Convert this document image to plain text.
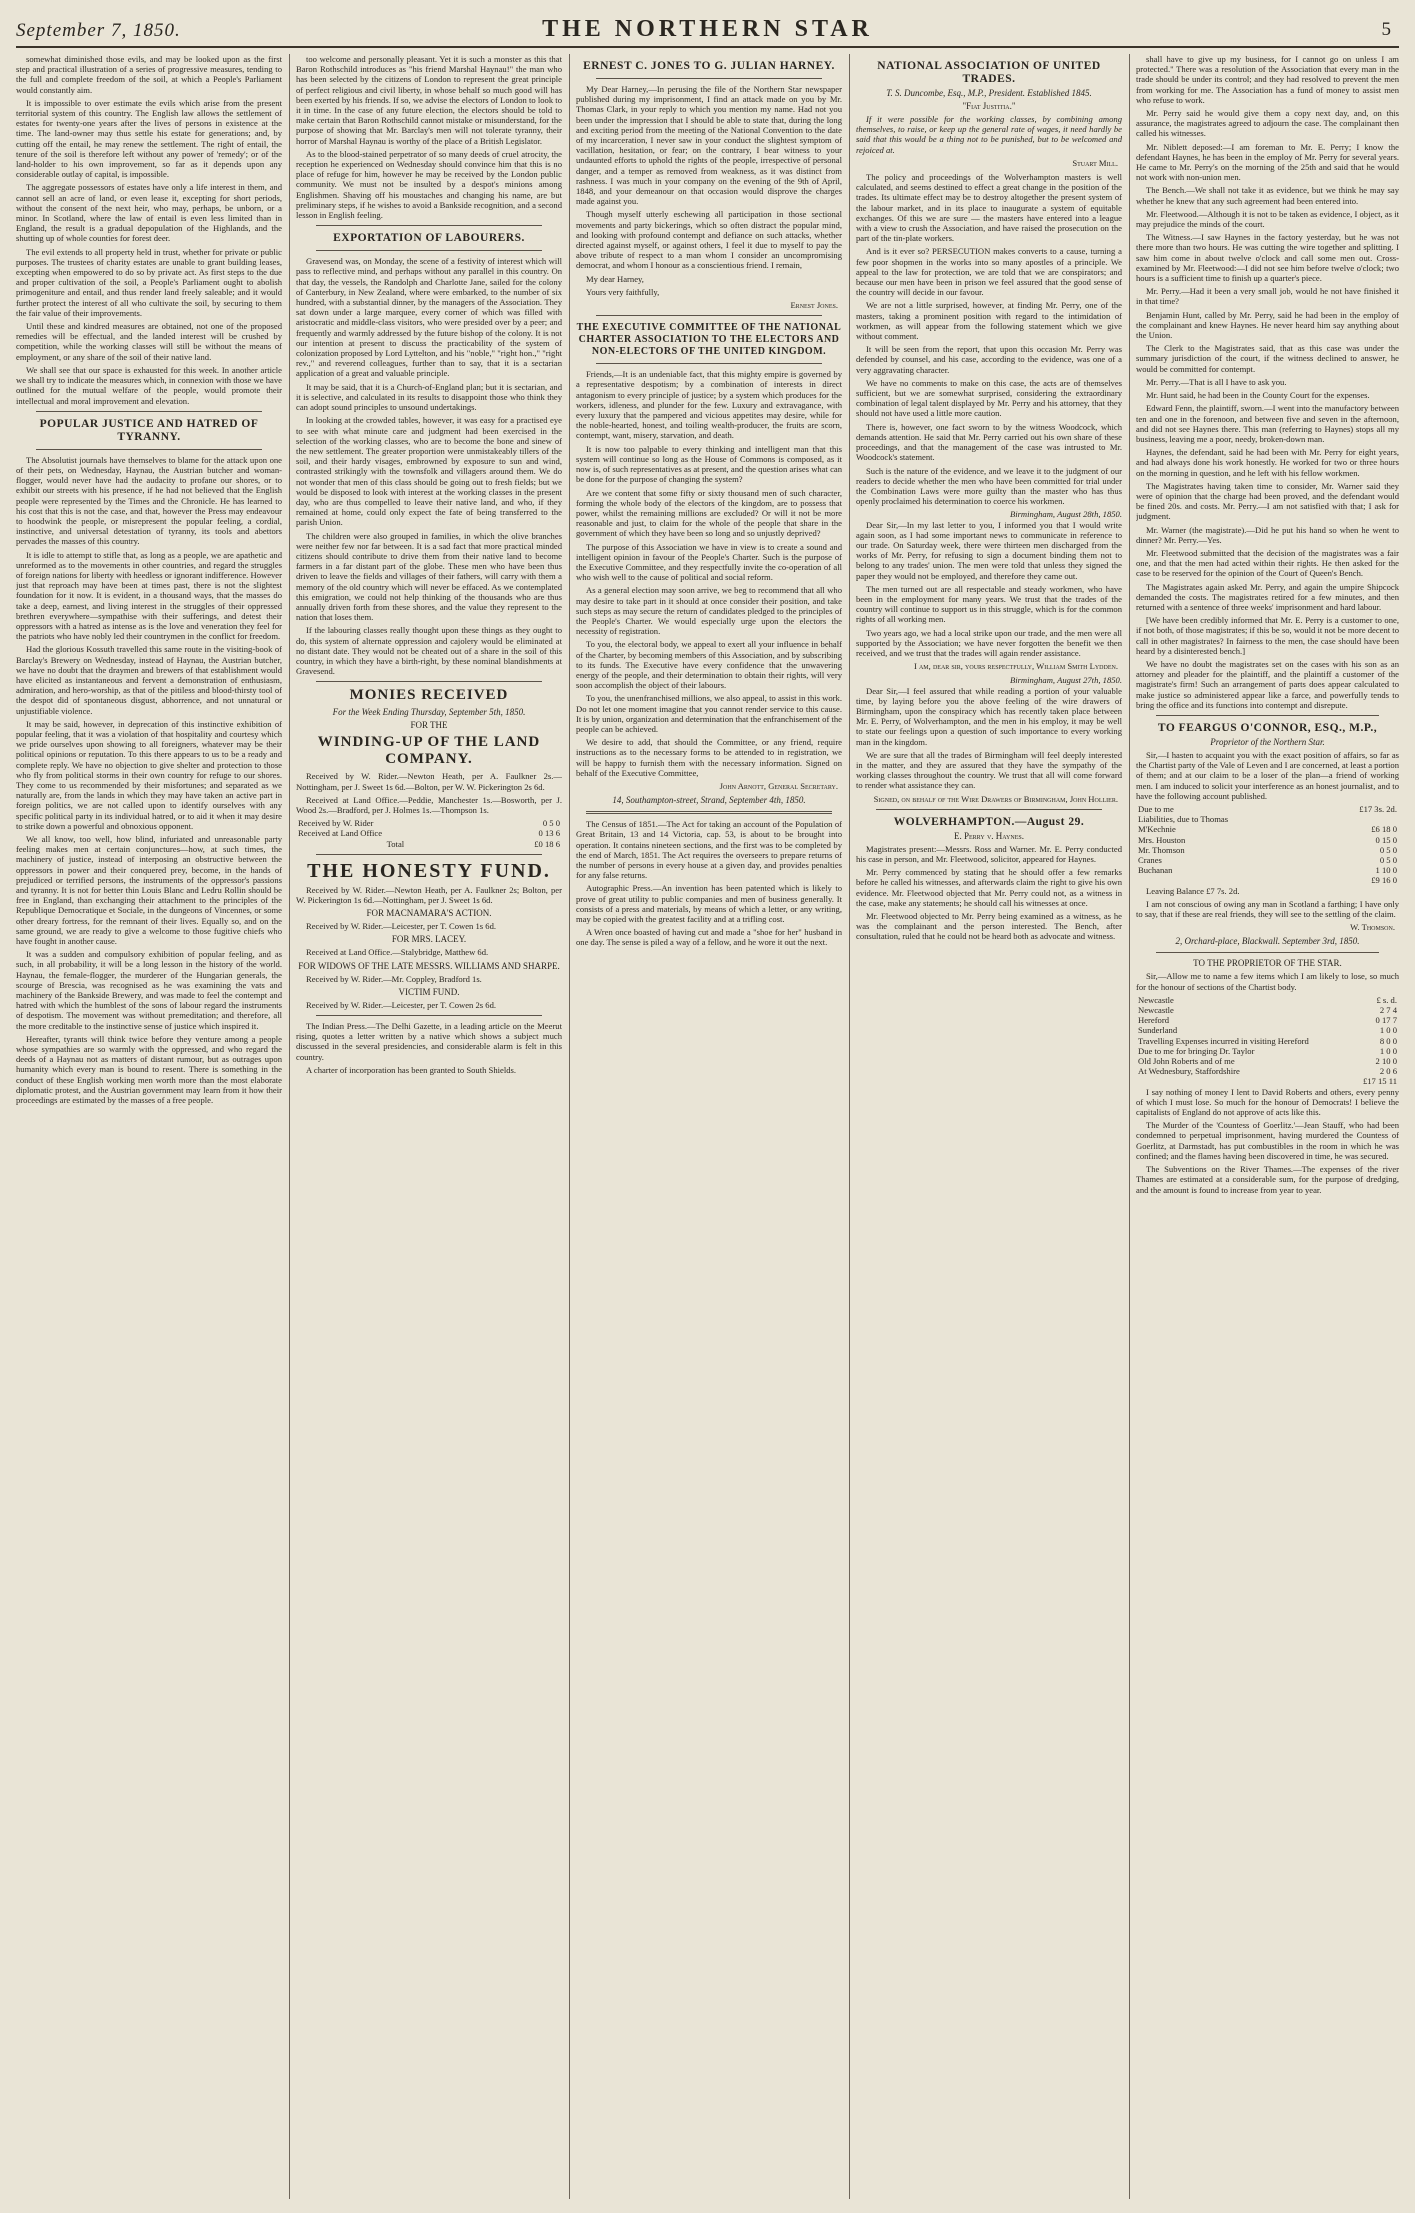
September 7, 1850.	THE NORTHERN STAR	5

somewhat diminished those evils, and may be looked upon as the first step and practical illustration of a series of progressive measures, tending to the full and complete freedom of the soil, at which a People's Parliament would constantly aim.

It is impossible to over estimate the evils which arise from the present territorial system of this country. The English law allows the settlement of estates for twenty-one years after the lives of persons in existence at the time. The land-owner may thus settle his estate for generations; and, by cutting off the entail, he may renew the settlement. The right of entail, the tenure of the soil is therefore left without any power of 'remedy'; or of the land-holder to his own improvement, so far as it depends upon any considerable outlay of capital, is impossible.

The aggregate possessors of estates have only a life interest in them, and cannot sell an acre of land, or even lease it, excepting for short periods, without the consent of the next heir, who may, perhaps, be unborn, or a minor. In Scotland, where the law of entail is even less limited than in England, the result is a gradual depopulation of the Highlands, and the shutting up of whole counties for forest deer.

The evil extends to all property held in trust, whether for private or public purposes. The trustees of charity estates are unable to grant building leases, excepting when empowered to do so by private act. As first steps to the due and proper cultivation of the soil, a People's Parliament ought to abolish primogeniture and entail, and thus render land freely saleable; and it would further protect the interest of all who cultivate the soil, by securing to them the fair value of their improvements.

Until these and kindred measures are obtained, not one of the proposed remedies will be effectual, and the landed interest will be crushed by competition, while the working classes will still be without the means of employment, or any share of the soil of their native land.

We shall see that our space is exhausted for this week. In another article we shall try to indicate the measures which, in connexion with those we have outlined for the mutual welfare of the people, would promote their intellectual and moral improvement and elevation.

POPULAR JUSTICE AND HATRED OF TYRANNY.

The Absolutist journals have themselves to blame for the attack upon one of their pets, on Wednesday, Haynau, the Austrian butcher and woman-flogger, would never have had the audacity to profane our shores, or to exhibit our streets with his presence, if he had not believed that the English people were represented by the Times and the Chronicle. He has learned to his cost that this is not the case, and that, however the Press may endeavour to hoodwink the people, or misrepresent the popular feeling, a cordial, instinctive, and universal detestation of tyranny, its tools and abettors pervades the masses of this country.

It is idle to attempt to stifle that, as long as a people, we are apathetic and unreformed as to the movements in other countries, and regard the struggles of foreign nations for liberty with heedless or ignorant indifference. However just that reproach may have been at times past, there is not the slightest foundation for it now. It is evident, in a thousand ways, that the masses do take a deep, earnest, and living interest in the struggles of their oppressed brethren everywhere—sympathise with their sufferings, and detest their oppressors with a hatred as intense as is the love and veneration they feel for the patriots who have nobly led their countrymen in the conflict for freedom.

Had the glorious Kossuth travelled this same route in the visiting-book of Barclay's Brewery on Wednesday, instead of Haynau, the Austrian butcher, we have no doubt that the draymen and brewers of that establishment would have elicited as instantaneous and fervent a demonstration of enthusiasm, admiration, and hero-worship, as that of the pitiless and blood-thirsty tool of the despot did of spontaneous disgust, abhorrence, and not unnatural or unjustifiable violence.

It may be said, however, in deprecation of this instinctive exhibition of popular feeling, that it was a violation of that hospitality and courtesy which we pride ourselves upon showing to all foreigners, whatever may be their political opinions or reputation. To this there appears to us to be a ready and complete reply. We have no objection to give shelter and protection to those who fly from political storms in their own country for refuge to our shores. They come to us recommended by their misfortunes; and separated as we naturally are, from the lands in which they may have taken an active part in foreign politics, we are not called upon to identify ourselves with any specific political party in its individual hatred, or to aid it when it may desire to strike down a powerful and obnoxious opponent.

We all know, too well, how blind, infuriated and unreasonable party feeling makes men at certain conjunctures—how, at such times, the machinery of justice, instead of interposing an obstructive between the oppressors in power and their conquered prey, become, in the hands of prejudiced or terrified persons, the instruments of the oppressor's passions and tyranny. It is not for better thin Louis Blanc and Ledru Rollin should be free in England, than exchanging their attachment to the principles of the Republique Democratique et Sociale, in the dungeons of Vincennes, or some other dreary fortress, for the remnant of their lives. Equally so, and on the same ground, we are ready to give a welcome to those fugitive chiefs who have fought in another cause.

It was a sudden and compulsory exhibition of popular feeling, and as such, in all probability, it will be a long lesson in the history of the world. Haynau, the female-flogger, the murderer of the Hungarian generals, the scourge of Brescia, was recognised as he was examining the vats and machinery of the Bankside Brewery, and was made to feel the contempt and hatred with which the humblest of the sons of labour regard the instruments of despotism. The movement was without premeditation; and therefore, all the more creditable to the instinctive sense of justice which inspired it.

Hereafter, tyrants will think twice before they venture among a people whose sympathies are so warmly with the oppressed, and who regard the deeds of a Haynau not as matters of distant rumour, but as outrages upon humanity which every man is bound to resent. There is something in the conduct of these English working men worth more than the most elaborate diplomatic protest, and the Austrian government may learn from it how their proceedings are estimated by the masses of a free people.

too welcome and personally pleasant. Yet it is such a monster as this that Baron Rothschild introduces as "his friend Marshal Haynau!" the man who has been selected by the citizens of London to represent the great principle of perfect religious and civil liberty, in whose behalf so much good will has been exerted by his friends. If so, we advise the electors of London to look to it in time. In the case of any future election, the electors should be told to make certain that Baron Rothschild cannot mistake or misunderstand, for the purpose of showing that Mr. Barclay's men will not tolerate tyranny, their horror of Marshal Haynau is worthy of the place of a British Legislator.

As to the blood-stained perpetrator of so many deeds of cruel atrocity, the reception he experienced on Wednesday should convince him that this is no place of refuge for him, however he may be received by the London public community. We must not be insulted by a despot's minions among Englishmen. Shaving off his moustaches and changing his name, are but preliminary steps, if he wishes to avoid a Bankside recognition, and a second lesson in English feeling.

EXPORTATION OF LABOURERS.

Gravesend was, on Monday, the scene of a festivity of interest which will pass to reflective mind, and perhaps without any parallel in this country. On that day, the vessels, the Randolph and Charlotte Jane, sailed for the colony of Canterbury, in New Zealand, where were embarked, to the number of six hundred, with a substantial dinner, by the managers of the Association. They sat down under a large marquee, every corner of which was filled with aristocratic and middle-class visitors, who were presided over by a peer; and frequently and warmly addressed by the future bishop of the colony. It is not our intention at present to discuss the practicability of the system of colonization proposed by Lord Lyttelton, and his "noble," "right hon.," "right rev.," and reverend colleagues, further than to say, that it is a sectarian application of a great and valuable principle.

It may be said, that it is a Church-of-England plan; but it is sectarian, and it is selective, and calculated in its results to disappoint those who think they can adopt sound principles to unsound undertakings.

In looking at the crowded tables, however, it was easy for a practised eye to see with what minute care and judgment had been exercised in the selection of the working classes, who are to become the bone and sinew of the new settlement. The greater proportion were unmistakeably tillers of the soil, and their hardy visages, embrowned by exposure to sun and wind, contrasted strikingly with the townsfolk and villagers around them. We do not wonder that men of this class should be going out to fresh fields; but we would be disposed to look with interest at the working classes in the present day, who are thus compelled to leave their native land, and who, if they remained at home, could only expect the fate of being transferred to the parish Union.

The children were also grouped in families, in which the olive branches were neither few nor far between. It is a sad fact that more practical minded citizens should contribute to drive them from their native land to become farmers in a far distant part of the globe. These men who have been thus driven to leave the fields and villages of their fathers, will carry with them a memory of the old country which will never be effaced. As we contemplated this emigration, we could not help thinking of the thousands who are thus annually driven forth from these shores, and the value they represent to the nation that loses them.

If the labouring classes really thought upon these things as they ought to do, this system of alternate oppression and cajolery would be eliminated at no distant date. They would not be cheated out of a share in the soil of this country, in which they have a birth-right, by these nominal blandishments at Gravesend.

MONIES RECEIVED
For the Week Ending Thursday, September 5th, 1850.
FOR THE
WINDING-UP OF THE LAND COMPANY.

Received by W. Rider.—Newton Heath, per A. Faulkner 2s.—Nottingham, per J. Sweet 1s 6d.—Bolton, per W. W. Pickerington 2s 6d.

Received at Land Office.—Peddie, Manchester 1s.—Bosworth, per J. Wood 2s.—Bradford, per J. Holmes 1s.—Thompson 1s.

Received by W. Rider	0 5 0
Received at Land Office	0 13 6
Total	£0 18 6
THE HONESTY FUND.

Received by W. Rider.—Newton Heath, per A. Faulkner 2s; Bolton, per W. Pickerington 1s 6d.—Nottingham, per J. Sweet 1s 6d.

FOR MACNAMARA'S ACTION.

Received by W. Rider.—Leicester, per T. Cowen 1s 6d.

FOR MRS. LACEY.

Received at Land Office.—Stalybridge, Matthew 6d.

FOR WIDOWS OF THE LATE MESSRS. WILLIAMS AND SHARPE.

Received by W. Rider.—Mr. Coppley, Bradford 1s.

VICTIM FUND.

Received by W. Rider.—Leicester, per T. Cowen 2s 6d.

The Indian Press.—The Delhi Gazette, in a leading article on the Meerut rising, quotes a letter written by a native which shows a subject much discussed in the several presidencies, and considerable alarm is felt in this country.

A charter of incorporation has been granted to South Shields.

ERNEST C. JONES TO G. JULIAN HARNEY.

My Dear Harney,—In perusing the file of the Northern Star newspaper published during my imprisonment, I find an attack made on you by Mr. Thomas Clark, in your reply to which you mention my name. Had not you been under the impression that I should be able to state that, during the long and exciting period from the meeting of the National Convention to the date of my incarceration, I never saw in your conduct the slightest symptom of vacillation, hesitation, or fear; on the contrary, I bear witness to your undaunted efforts to uphold the rights of the people, irrespective of personal danger, and a temper as removed from weakness, as it was distinct from rashness. I was much in your company on the evening of the 9th of April, 1848, and your demeanour on that occasion would disprove the charges made against you.

Though myself utterly eschewing all participation in those sectional movements and party bickerings, which so often distract the popular mind, and looking with profound contempt and defiance on such attacks, whether directed against myself, or against others, I feel it due to myself to pay the above tribute of respect to a man whom I consider an uncompromising democrat, and whom I honour as a conscientious friend. I remain,

My dear Harney,

Yours very faithfully,

Ernest Jones.
THE EXECUTIVE COMMITTEE OF THE NATIONAL CHARTER ASSOCIATION TO THE ELECTORS AND NON-ELECTORS OF THE UNITED KINGDOM.

Friends,—It is an undeniable fact, that this mighty empire is governed by a representative despotism; by a combination of interests in direct antagonism to every principle of justice; by a system which produces for the workers, idleness, and plunder for the few. Luxury and extravagance, with every luxury that the pampered and vicious appetites may desire, while for the noble-hearted, honest, and toiling wealth-producer, the fruits are scorn, contempt, want, misery, starvation, and death.

It is now too palpable to every thinking and intelligent man that this system will continue so long as the House of Commons is composed, as it now is, of such representatives as at present, and the question arises what can be done for the purpose of changing the system?

Are we content that some fifty or sixty thousand men of such character, forming the whole body of the electors of the kingdom, are to possess that power, whilst the remaining millions are excluded? Or will it not be more reasonable and just, to claim for the whole of the people that share in the government of which they have been so long and so unjustly deprived?

The purpose of this Association we have in view is to create a sound and intelligent opinion in favour of the People's Charter. Such is the purpose of the Executive Committee, and they respectfully invite the co-operation of all who wish well to the cause of political and social reform.

As a general election may soon arrive, we beg to recommend that all who may desire to take part in it should at once consider their position, and take such steps as may secure the return of candidates pledged to the principles of the People's Charter. We would especially urge upon the electors the necessity of registration.

To you, the electoral body, we appeal to exert all your influence in behalf of the Charter, by becoming members of this Association, and by subscribing to its funds. The Executive have every confidence that the unwavering energy of the people, and their determination to obtain their rights, will very soon accomplish the object of their labours.

To you, the unenfranchised millions, we also appeal, to assist in this work. Do not let one moment imagine that you cannot render service to this cause. It is by union, organization and determination that the enfranchisement of the people can be achieved.

We desire to add, that should the Committee, or any friend, require instructions as to the necessary forms to be attended to in registration, we will be happy to furnish them with the necessary information. Signed on behalf of the Executive Committee,

John Arnott, General Secretary.
14, Southampton-street, Strand, September 4th, 1850.

The Census of 1851.—The Act for taking an account of the Population of Great Britain, 13 and 14 Victoria, cap. 53, is about to be brought into operation. It contains nineteen sections, and the first was to be completed by the end of March, 1851. The Act requires the overseers to prepare returns of the number of persons in every house at a given day, and provides penalties for any false returns.

Autographic Press.—An invention has been patented which is likely to prove of great utility to public companies and men of business generally. It consists of a press and materials, by means of which a letter, or any writing, may be copied with the greatest facility and at a trifling cost.

A Wren once boasted of having cut and made a "shoe for her" husband in one day. The sense is piled a way of a fellow, and he wore it out the next.

NATIONAL ASSOCIATION OF UNITED TRADES.
T. S. Duncombe, Esq., M.P., President. Established 1845.
"Fiat Justitia."

If it were possible for the working classes, by combining among themselves, to raise, or keep up the general rate of wages, it need hardly be said that this would be a thing not to be punished, but to be welcomed and rejoiced at.

Stuart Mill.

The policy and proceedings of the Wolverhampton masters is well calculated, and seems destined to effect a great change in the position of the trades. Its ultimate effect may be to destroy altogether the present system of the labour market, and in its place to inaugurate a system of equitable exchanges. Of this we are sure — the masters have entered into a league with a view to crush the Association, and have raised the prosecution on the part of the tin-plate workers.

And is it ever so? PERSECUTION makes converts to a cause, turning a few poor shopmen in the works into so many apostles of a principle. We appeal to the law for protection, we are told that we are conspirators; and because our men have been in prison we feel assured that the good sense of the country will decide in our favour.

We are not a little surprised, however, at finding Mr. Perry, one of the masters, taking a prominent position with regard to the intimidation of workmen, as will appear from the following statement which we give without comment.

It will be seen from the report, that upon this occasion Mr. Perry was defended by counsel, and his case, according to the evidence, was one of a very aggravating character.

We have no comments to make on this case, the acts are of themselves sufficient, but we are somewhat surprised, considering the extraordinary combination of legal talent displayed by Mr. Perry and his attorney, that they should not have used a little more caution.

There is, however, one fact sworn to by the witness Woodcock, which demands attention. He said that Mr. Perry carried out his own share of these proceedings, and that the management of the case was intrusted to Mr. Woodcock's statement.

Such is the nature of the evidence, and we leave it to the judgment of our readers to decide whether the men who have been committed for trial under the Combination Laws were more guilty than the master who has thus openly proclaimed his determination to coerce his workmen.

Birmingham, August 28th, 1850.

Dear Sir,—In my last letter to you, I informed you that I would write again soon, as I had some important news to communicate in reference to our trade. On Saturday week, there were thirteen men discharged from the works of Mr. Perry, for refusing to sign a document binding them not to belong to any trades' union. The men were told that unless they signed the paper they would not be employed, and therefore they came out.

The men turned out are all respectable and steady workmen, who have been in the employment for many years. We trust that the trades of the country will continue to support us in this struggle, which is for the common rights of all working men.

Two years ago, we had a local strike upon our trade, and the men were all supported by the Association; we have never forgotten the benefit we then received, and we trust that the trades will again render assistance.

I am, dear sir, yours respectfully, William Smith Lydden.
Birmingham, August 27th, 1850.

Dear Sir,—I feel assured that while reading a portion of your valuable time, by laying before you the above feeling of the wire drawers of Birmingham, upon the conspiracy which has recently taken place between Mr. E. Perry, of Wolverhampton, and the men in his employ, it may be well to state our feelings upon a question of such importance to every working man in the kingdom.

We are sure that all the trades of Birmingham will feel deeply interested in the matter, and they are assured that they have the sympathy of the working classes throughout the country. We trust that all will come forward to render what assistance they can.

Signed, on behalf of the Wire Drawers of Birmingham, John Hollier.
WOLVERHAMPTON.—August 29.
E. Perry v. Haynes.

Magistrates present:—Messrs. Ross and Warner. Mr. E. Perry conducted his case in person, and Mr. Fleetwood, solicitor, appeared for Haynes.

Mr. Perry commenced by stating that he should offer a few remarks before he called his witnesses, and afterwards claim the right to give his own evidence. Mr. Fleetwood objected that Mr. Perry could not, as a witness in the case, make any statements; he should call his witnesses at once.

Mr. Fleetwood objected to Mr. Perry being examined as a witness, as he was the complainant and the person interested. The Bench, after consultation, ruled that he could not be heard both as advocate and witness.

shall have to give up my business, for I cannot go on unless I am protected." There was a resolution of the Association that every man in the trade should be under its control; and they had resolved to prevent the men from working for me. The Association has a fund of money to assist men who refuse to work.

Mr. Perry said he would give them a copy next day, and, on this assurance, the magistrates agreed to adjourn the case. The complainant then called his witnesses.

Mr. Niblett deposed:—I am foreman to Mr. E. Perry; I know the defendant Haynes, he has been in the employ of Mr. Perry for several years. He came to Mr. Perry's on the morning of the 25th and said that he would not work with non-union men.

The Bench.—We shall not take it as evidence, but we think he may say whether he knew that any such agreement had been entered into.

Mr. Fleetwood.—Although it is not to be taken as evidence, I object, as it may prejudice the minds of the court.

The Witness.—I saw Haynes in the factory yesterday, but he was not there more than two hours. He was cutting the wire together and splitting. I saw him come in about twelve o'clock and call some men out. Cross-examined by Mr. Fleetwood:—I did not see him before twelve o'clock; two hours is a sufficient time to finish up a quarter's piece.

Mr. Perry.—Had it been a very small job, would he not have finished it in that time?

Benjamin Hunt, called by Mr. Perry, said he had been in the employ of the complainant and knew Haynes. He never heard him say anything about the Union.

The Clerk to the Magistrates said, that as this case was under the summary jurisdiction of the court, if the witness declined to answer, he would be committed for contempt.

Mr. Perry.—That is all I have to ask you.

Mr. Hunt said, he had been in the County Court for the expenses.

Edward Fenn, the plaintiff, sworn.—I went into the manufactory between ten and one in the forenoon, and between five and seven in the afternoon, and did not see Haynes there. This man (referring to Haynes) stops all my business, leaving me a poor, needy, broken-down man.

Haynes, the defendant, said he had been with Mr. Perry for eight years, and had always done his work honestly. He worked for two or three hours on the morning in question, and he left with his fellow workmen.

The Magistrates having taken time to consider, Mr. Warner said they were of opinion that the charge had been proved, and the defendant would be fined 20s. and costs. Mr. Perry.—I am not satisfied with that; I ask for judgment.

Mr. Warner (the magistrate).—Did he put his hand so when he went to dinner? Mr. Perry.—Yes.

Mr. Fleetwood submitted that the decision of the magistrates was a fair one, and that the men had acted within their rights. He then asked for the case to be reserved for the opinion of the Court of Queen's Bench.

The Magistrates again asked Mr. Perry, and again the umpire Shipcock demanded the costs. The magistrates retired for a few minutes, and then returned with a sentence of three weeks' imprisonment and hard labour.

[We have been credibly informed that Mr. E. Perry is a customer to one, if not both, of those magistrates; if this be so, would it not be more decent to call in other magistrates? In fairness to the men, the case should have been heard by a disinterested bench.]

We have no doubt the magistrates set on the cases with his son as an attorney and pleader for the plaintiff, and the plaintiff a customer of the magistrate's firm! Such an arrangement of parts does appear calculated to make justice so administered appear like a farce, and powerfully tends to bring the office and its functions into contempt and disrepute.

TO FEARGUS O'CONNOR, ESQ., M.P.,
Proprietor of the Northern Star.

Sir,—I hasten to acquaint you with the exact position of affairs, so far as the Chartist party of the Vale of Leven and I are concerned, at least a portion of them; and at our claim to be a loser of the plan—a friend of working men. I am induced to solicit your interference as an honest journalist, and to have the following account published.

Due to me	£17 3s. 2d.
Liabilities, due to Thomas	
M'Kechnie	£6 18 0
Mrs. Houston	0 15 0
Mr. Thomson	0 5 0
Cranes	0 5 0
Buchanan	1 10 0
	£9 16 0

Leaving Balance £7 7s. 2d.

I am not conscious of owing any man in Scotland a farthing; I have only to say, that if these are real friends, they will see to the settling of the claim.

W. Thomson.
2, Orchard-place, Blackwall. September 3rd, 1850.
TO THE PROPRIETOR OF THE STAR.

Sir,—Allow me to name a few items which I am likely to lose, so much for the honour of sections of the Chartist body.

Newcastle	£ s. d.
Newcastle	2 7 4
Hereford	0 17 7
Sunderland	1 0 0
Travelling Expenses incurred in visiting Hereford	8 0 0
Due to me for bringing Dr. Taylor	1 0 0
Old John Roberts and of me	2 10 0
At Wednesbury, Staffordshire	2 0 6
	£17 15 11

I say nothing of money I lent to David Roberts and others, every penny of which I must lose. So much for the honour of Democrats! I believe the capitalists of England do not approve of acts like this.

The Murder of the 'Countess of Goerlitz.'—Jean Stauff, who had been condemned to perpetual imprisonment, having murdered the Countess of Goerlitz, at Darmstadt, has put combustibles in the room in which he was confined; and the flames having been discovered in time, he was secured.

The Subventions on the River Thames.—The expenses of the river Thames are estimated at a considerable sum, for the purpose of dredging, and the amount is found to increase from year to year.
